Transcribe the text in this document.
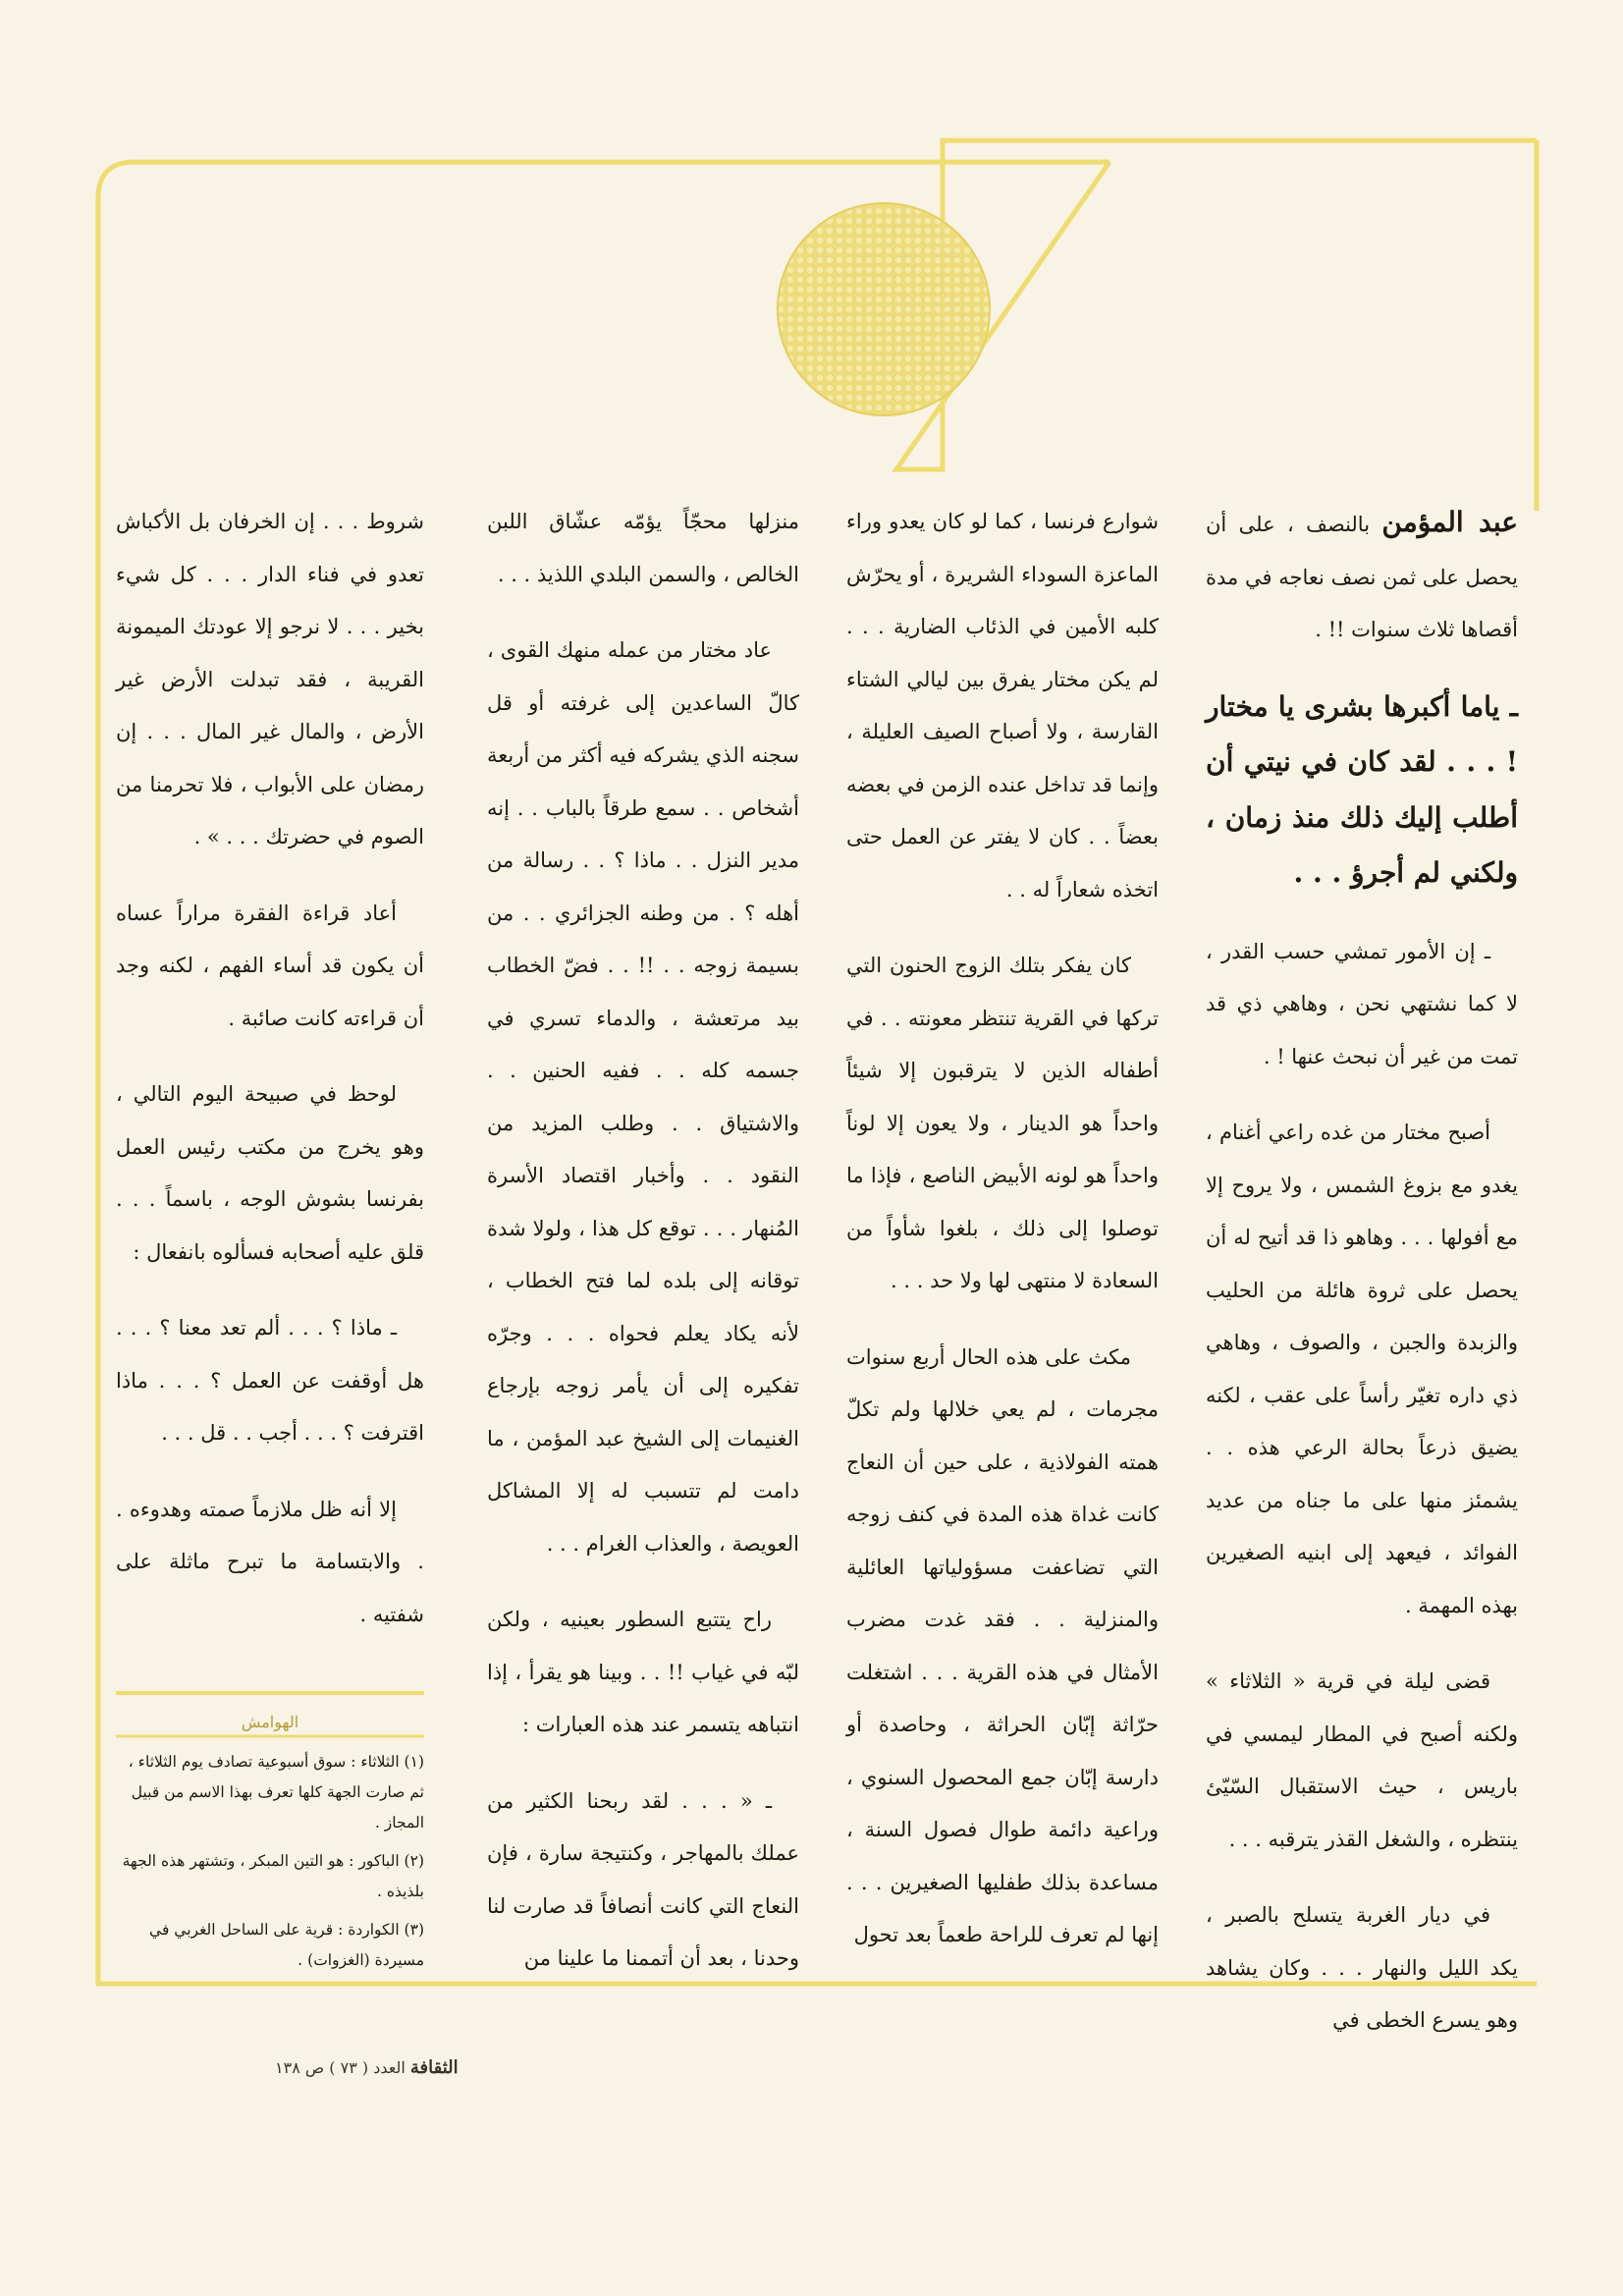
عبد المؤمن بالنصف ، على أن يحصل على ثمن نصف نعاجه في مدة أقصاها ثلاث سنوات !! .

ـ ياما أكبرها بشرى يا مختار ! . . . لقد كان في نيتي أن أطلب إليك ذلك منذ زمان ، ولكني لم أجرؤ . . .

ـ إن الأمور تمشي حسب القدر ، لا كما نشتهي نحن ، وهاهي ذي قد تمت من غير أن نبحث عنها ! .

أصبح مختار من غده راعي أغنام ، يغدو مع بزوغ الشمس ، ولا يروح إلا مع أفولها . . . وهاهو ذا قد أتيح له أن يحصل على ثروة هائلة من الحليب والزبدة والجبن ، والصوف ، وهاهي ذي داره تغيّر رأساً على عقب ، لكنه يضيق ذرعاً بحالة الرعي هذه . . يشمئز منها على ما جناه من عديد الفوائد ، فيعهد إلى ابنيه الصغيرين بهذه المهمة .

قضى ليلة في قرية « الثلاثاء » ولكنه أصبح في المطار ليمسي في باريس ، حيث الاستقبال السّيّئ ينتظره ، والشغل القذر يترقبه . . .

في ديار الغربة يتسلح بالصبر ، يكد الليل والنهار . . . وكان يشاهد وهو يسرع الخطى في

شوارع فرنسا ، كما لو كان يعدو وراء الماعزة السوداء الشريرة ، أو يحرّش كلبه الأمين في الذئاب الضارية . . . لم يكن مختار يفرق بين ليالي الشتاء القارسة ، ولا أصباح الصيف العليلة ، وإنما قد تداخل عنده الزمن في بعضه بعضاً . . كان لا يفتر عن العمل حتى اتخذه شعاراً له . .

كان يفكر بتلك الزوج الحنون التي تركها في القرية تنتظر معونته . . في أطفاله الذين لا يترقبون إلا شيئاً واحداً هو الدينار ، ولا يعون إلا لوناً واحداً هو لونه الأبيض الناصع ، فإذا ما توصلوا إلى ذلك ، بلغوا شأواً من السعادة لا منتهى لها ولا حد . . .

مكث على هذه الحال أربع سنوات مجرمات ، لم يعي خلالها ولم تكلّ همته الفولاذية ، على حين أن النعاج كانت غداة هذه المدة في كنف زوجه التي تضاعفت مسؤولياتها العائلية والمنزلية . . فقد غدت مضرب الأمثال في هذه القرية . . . اشتغلت حرّاثة إبّان الحراثة ، وحاصدة أو دارسة إبّان جمع المحصول السنوي ، وراعية دائمة طوال فصول السنة ، مساعدة بذلك طفليها الصغيرين . . . إنها لم تعرف للراحة طعماً بعد تحول

منزلها محجّاً يؤمّه عشّاق اللبن الخالص ، والسمن البلدي اللذيذ . . .

عاد مختار من عمله منهك القوى ، كالّ الساعدين إلى غرفته أو قل سجنه الذي يشركه فيه أكثر من أربعة أشخاص . . سمع طرقاً بالباب . . إنه مدير النزل . . ماذا ؟ . . رسالة من أهله ؟ . من وطنه الجزائري . . من بسيمة زوجه . . !! . . فضّ الخطاب بيد مرتعشة ، والدماء تسري في جسمه كله . . ففيه الحنين . . والاشتياق . . وطلب المزيد من النقود . . وأخبار اقتصاد الأسرة المُنهار . . . توقع كل هذا ، ولولا شدة توقانه إلى بلده لما فتح الخطاب ، لأنه يكاد يعلم فحواه . . . وجرّه تفكيره إلى أن يأمر زوجه بإرجاع الغنيمات إلى الشيخ عبد المؤمن ، ما دامت لم تتسبب له إلا المشاكل العويصة ، والعذاب الغرام . . .

راح يتتبع السطور بعينيه ، ولكن لبّه في غياب !! . . وبينا هو يقرأ ، إذا انتباهه يتسمر عند هذه العبارات :

ـ « . . . لقد ربحنا الكثير من عملك بالمهاجر ، وكنتيجة سارة ، فإن النعاج التي كانت أنصافاً قد صارت لنا وحدنا ، بعد أن أتممنا ما علينا من

شروط . . . إن الخرفان بل الأكباش تعدو في فناء الدار . . . كل شيء بخير . . . لا نرجو إلا عودتك الميمونة القريبة ، فقد تبدلت الأرض غير الأرض ، والمال غير المال . . . إن رمضان على الأبواب ، فلا تحرمنا من الصوم في حضرتك . . . » .

أعاد قراءة الفقرة مراراً عساه أن يكون قد أساء الفهم ، لكنه وجد أن قراءته كانت صائبة .

لوحظ في صبيحة اليوم التالي ، وهو يخرج من مكتب رئيس العمل بفرنسا بشوش الوجه ، باسماً . . . قلق عليه أصحابه فسألوه بانفعال :

ـ ماذا ؟ . . . ألم تعد معنا ؟ . . . هل أوقفت عن العمل ؟ . . . ماذا اقترفت ؟ . . . أجب . . قل . . .

إلا أنه ظل ملازماً صمته وهدوءه . . والابتسامة ما تبرح ماثلة على شفتيه .

الهوامش

(١) الثلاثاء : سوق أسبوعية تصادف يوم الثلاثاء ، ثم صارت الجهة كلها تعرف بهذا الاسم من قبيل المجاز .

(٢) الباكور : هو التين المبكر ، وتشتهر هذه الجهة بلذيذه .

(٣) الكواردة : قرية على الساحل الغربي في مسيردة (الغزوات) .

الثقافة العدد ( ٧٣ ) ص ١٣٨
